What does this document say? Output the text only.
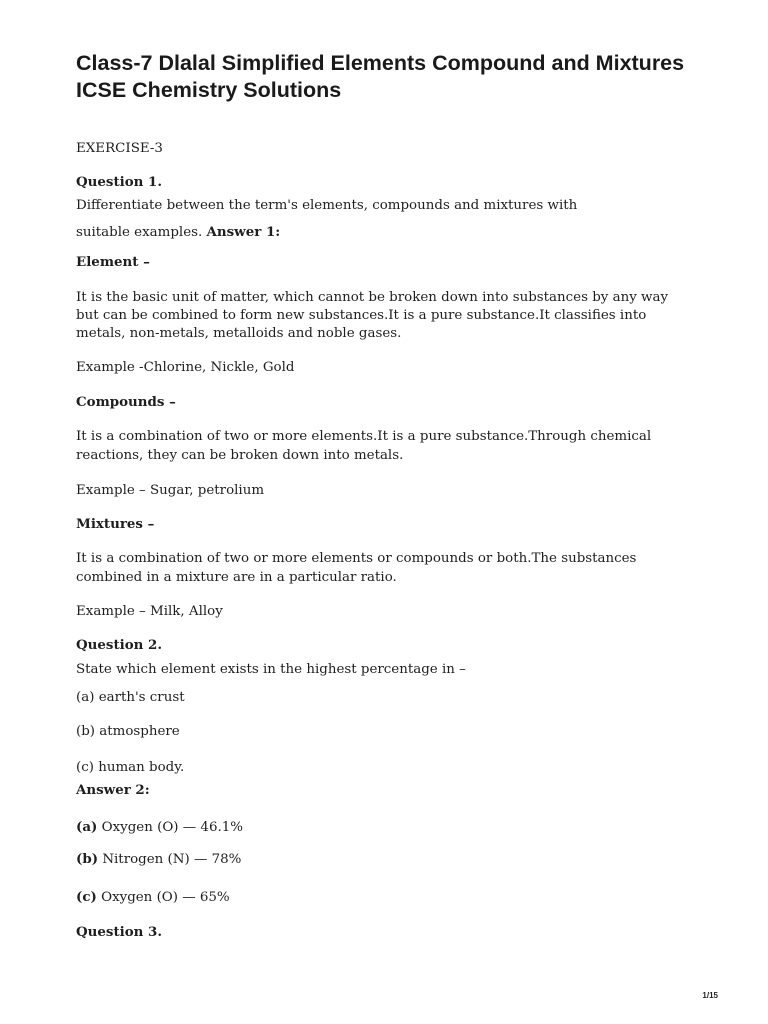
Class-7 Dlalal Simplified Elements Compound and Mixtures ICSE Chemistry Solutions

EXERCISE-3

Question 1.

Differentiate between the term's elements, compounds and mixtures with

suitable examples. Answer 1:

Element –

It is the basic unit of matter, which cannot be broken down into substances by any way

but can be combined to form new substances.It is a pure substance.It classifies into

metals, non-metals, metalloids and noble gases.

Example -Chlorine, Nickle, Gold

Compounds –

It is a combination of two or more elements.It is a pure substance.Through chemical

reactions, they can be broken down into metals.

Example – Sugar, petrolium

Mixtures –

It is a combination of two or more elements or compounds or both.The substances

combined in a mixture are in a particular ratio.

Example – Milk, Alloy

Question 2.

State which element exists in the highest percentage in –

(a) earth's crust

(b) atmosphere

(c) human body.

Answer 2:

(a) Oxygen (O) — 46.1%

(b) Nitrogen (N) — 78%

(c) Oxygen (O) — 65%

Question 3.

1/15
